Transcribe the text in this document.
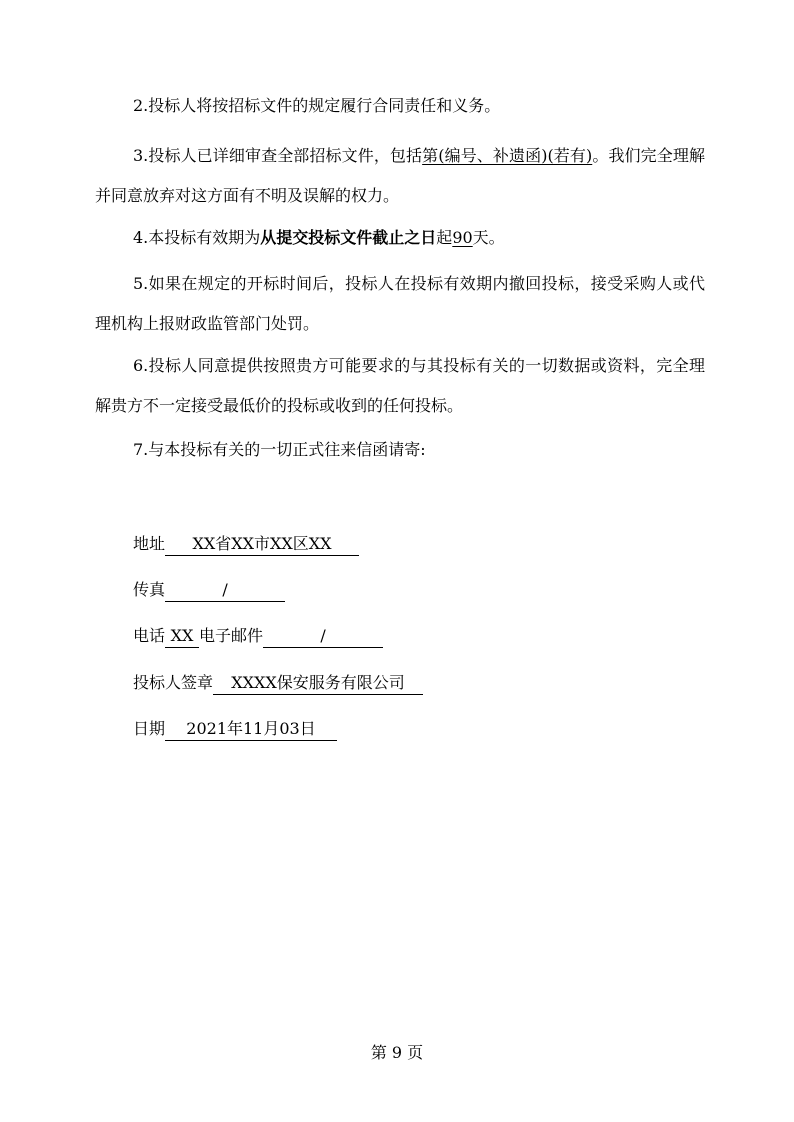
2.投标人将按招标文件的规定履行合同责任和义务。

3.投标人已详细审查全部招标文件，包括第(编号、补遗函)(若有)。我们完全理解并同意放弃对这方面有不明及误解的权力。

4.本投标有效期为从提交投标文件截止之日起90天。

5.如果在规定的开标时间后，投标人在投标有效期内撤回投标，接受采购人或代理机构上报财政监管部门处罚。

6.投标人同意提供按照贵方可能要求的与其投标有关的一切数据或资料，完全理解贵方不一定接受最低价的投标或收到的任何投标。

7.与本投标有关的一切正式往来信函请寄:

地址 XX省XX市XX区XX
传真	/
电话 XX 电子邮件	/
投标人签章 XXXX保安服务有限公司
日期 2021年11月03日
第 9 页
